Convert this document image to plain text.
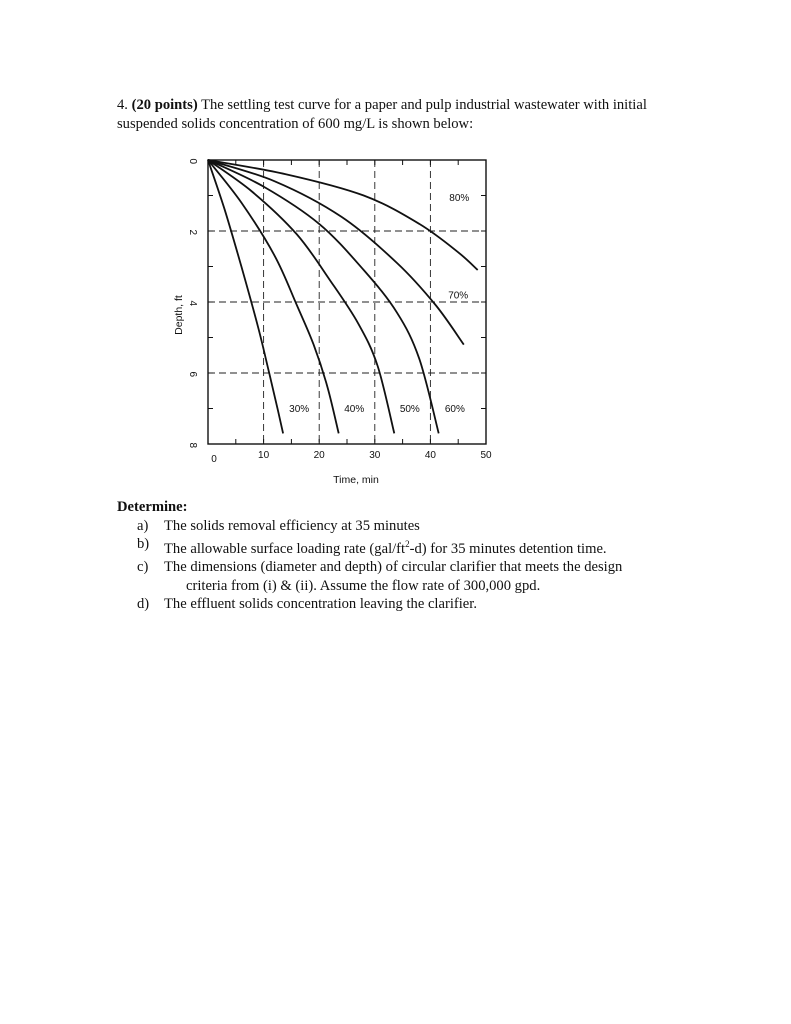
4. (20 points) The settling test curve for a paper and pulp industrial wastewater with initial
suspended solids concentration of 600 mg/L is shown below:
0	10	20	30	40	50
0
2
4
6
8
80%
70%
30%	40%	50%	60%
Time, min
Depth, ft
Determine:
a) The solids removal efficiency at 35 minutes
b) The allowable surface loading rate $(gal/ft^2-d)$ for 35 minutes detention time.
c) The dimensions (diameter and depth) of circular clarifier that meets the design
criteria from (i) & (ii). Assume the flow rate of 300,000 gpd.
d) The effluent solids concentration leaving the clarifier.
